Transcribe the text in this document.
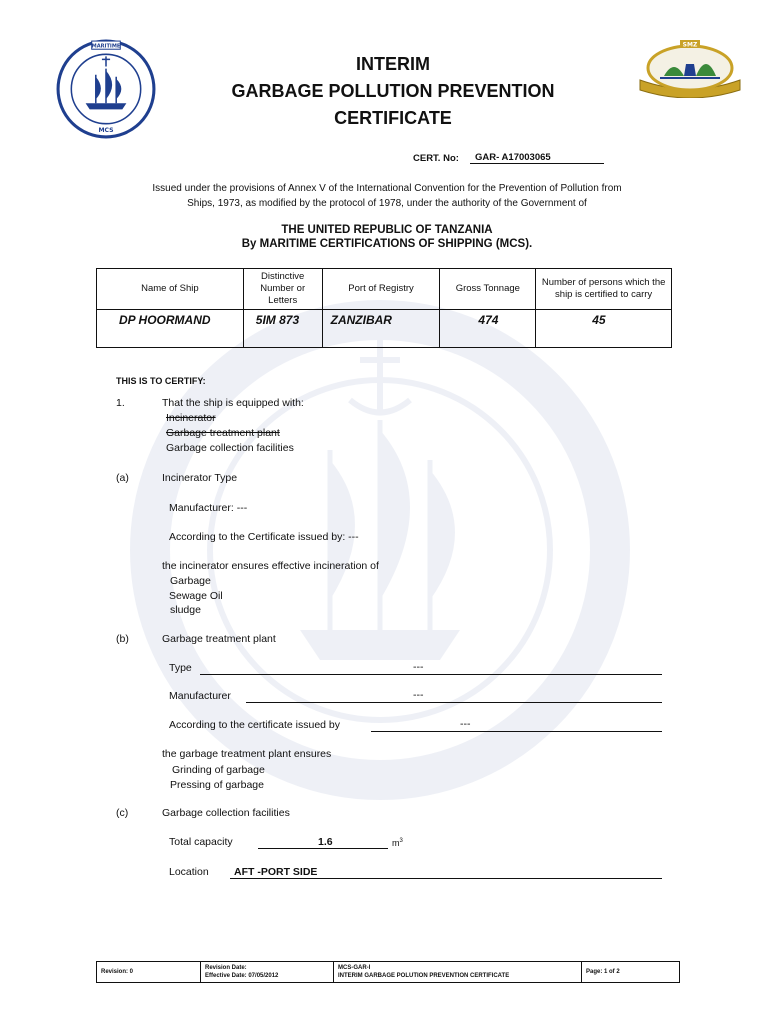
MARITIME
MCS
SMZ
INTERIM
GARBAGE POLLUTION PREVENTION
CERTIFICATE
CERT. No:	GAR- A17003065
Issued under the provisions of Annex V of the International Convention for the Prevention of Pollution from Ships, 1973, as modified by the protocol of 1978, under the authority of the Government of
THE UNITED REPUBLIC OF TANZANIA
By MARITIME CERTIFICATIONS OF SHIPPING (MCS).
Name of Ship	Distinctive Number or Letters	Port of Registry	Gross Tonnage	Number of persons which the ship is certified to carry
DP HOORMAND	5IM 873	ZANZIBAR	474	45
THIS IS TO CERTIFY:
1.	That the ship is equipped with:
Incinerator
Garbage treatment plant
Garbage collection facilities
(a)	Incinerator Type
Manufacturer: ---
According to the Certificate issued by: ---
the incinerator ensures effective incineration of
Garbage
Sewage Oil
sludge
(b)	Garbage treatment plant
Type	---
Manufacturer	---
According to the certificate issued by	---
the garbage treatment plant ensures
Grinding of garbage
Pressing of garbage
(c)	Garbage collection facilities
Total capacity	1.6	$m^3$
Location AFT -PORT SIDE
Revision: 0
Revision Date:
Effective Date: 07/05/2012
MCS-GAR-I
INTERIM GARBAGE POLUTION PREVENTION CERTIFICATE
Page: 1 of 2
